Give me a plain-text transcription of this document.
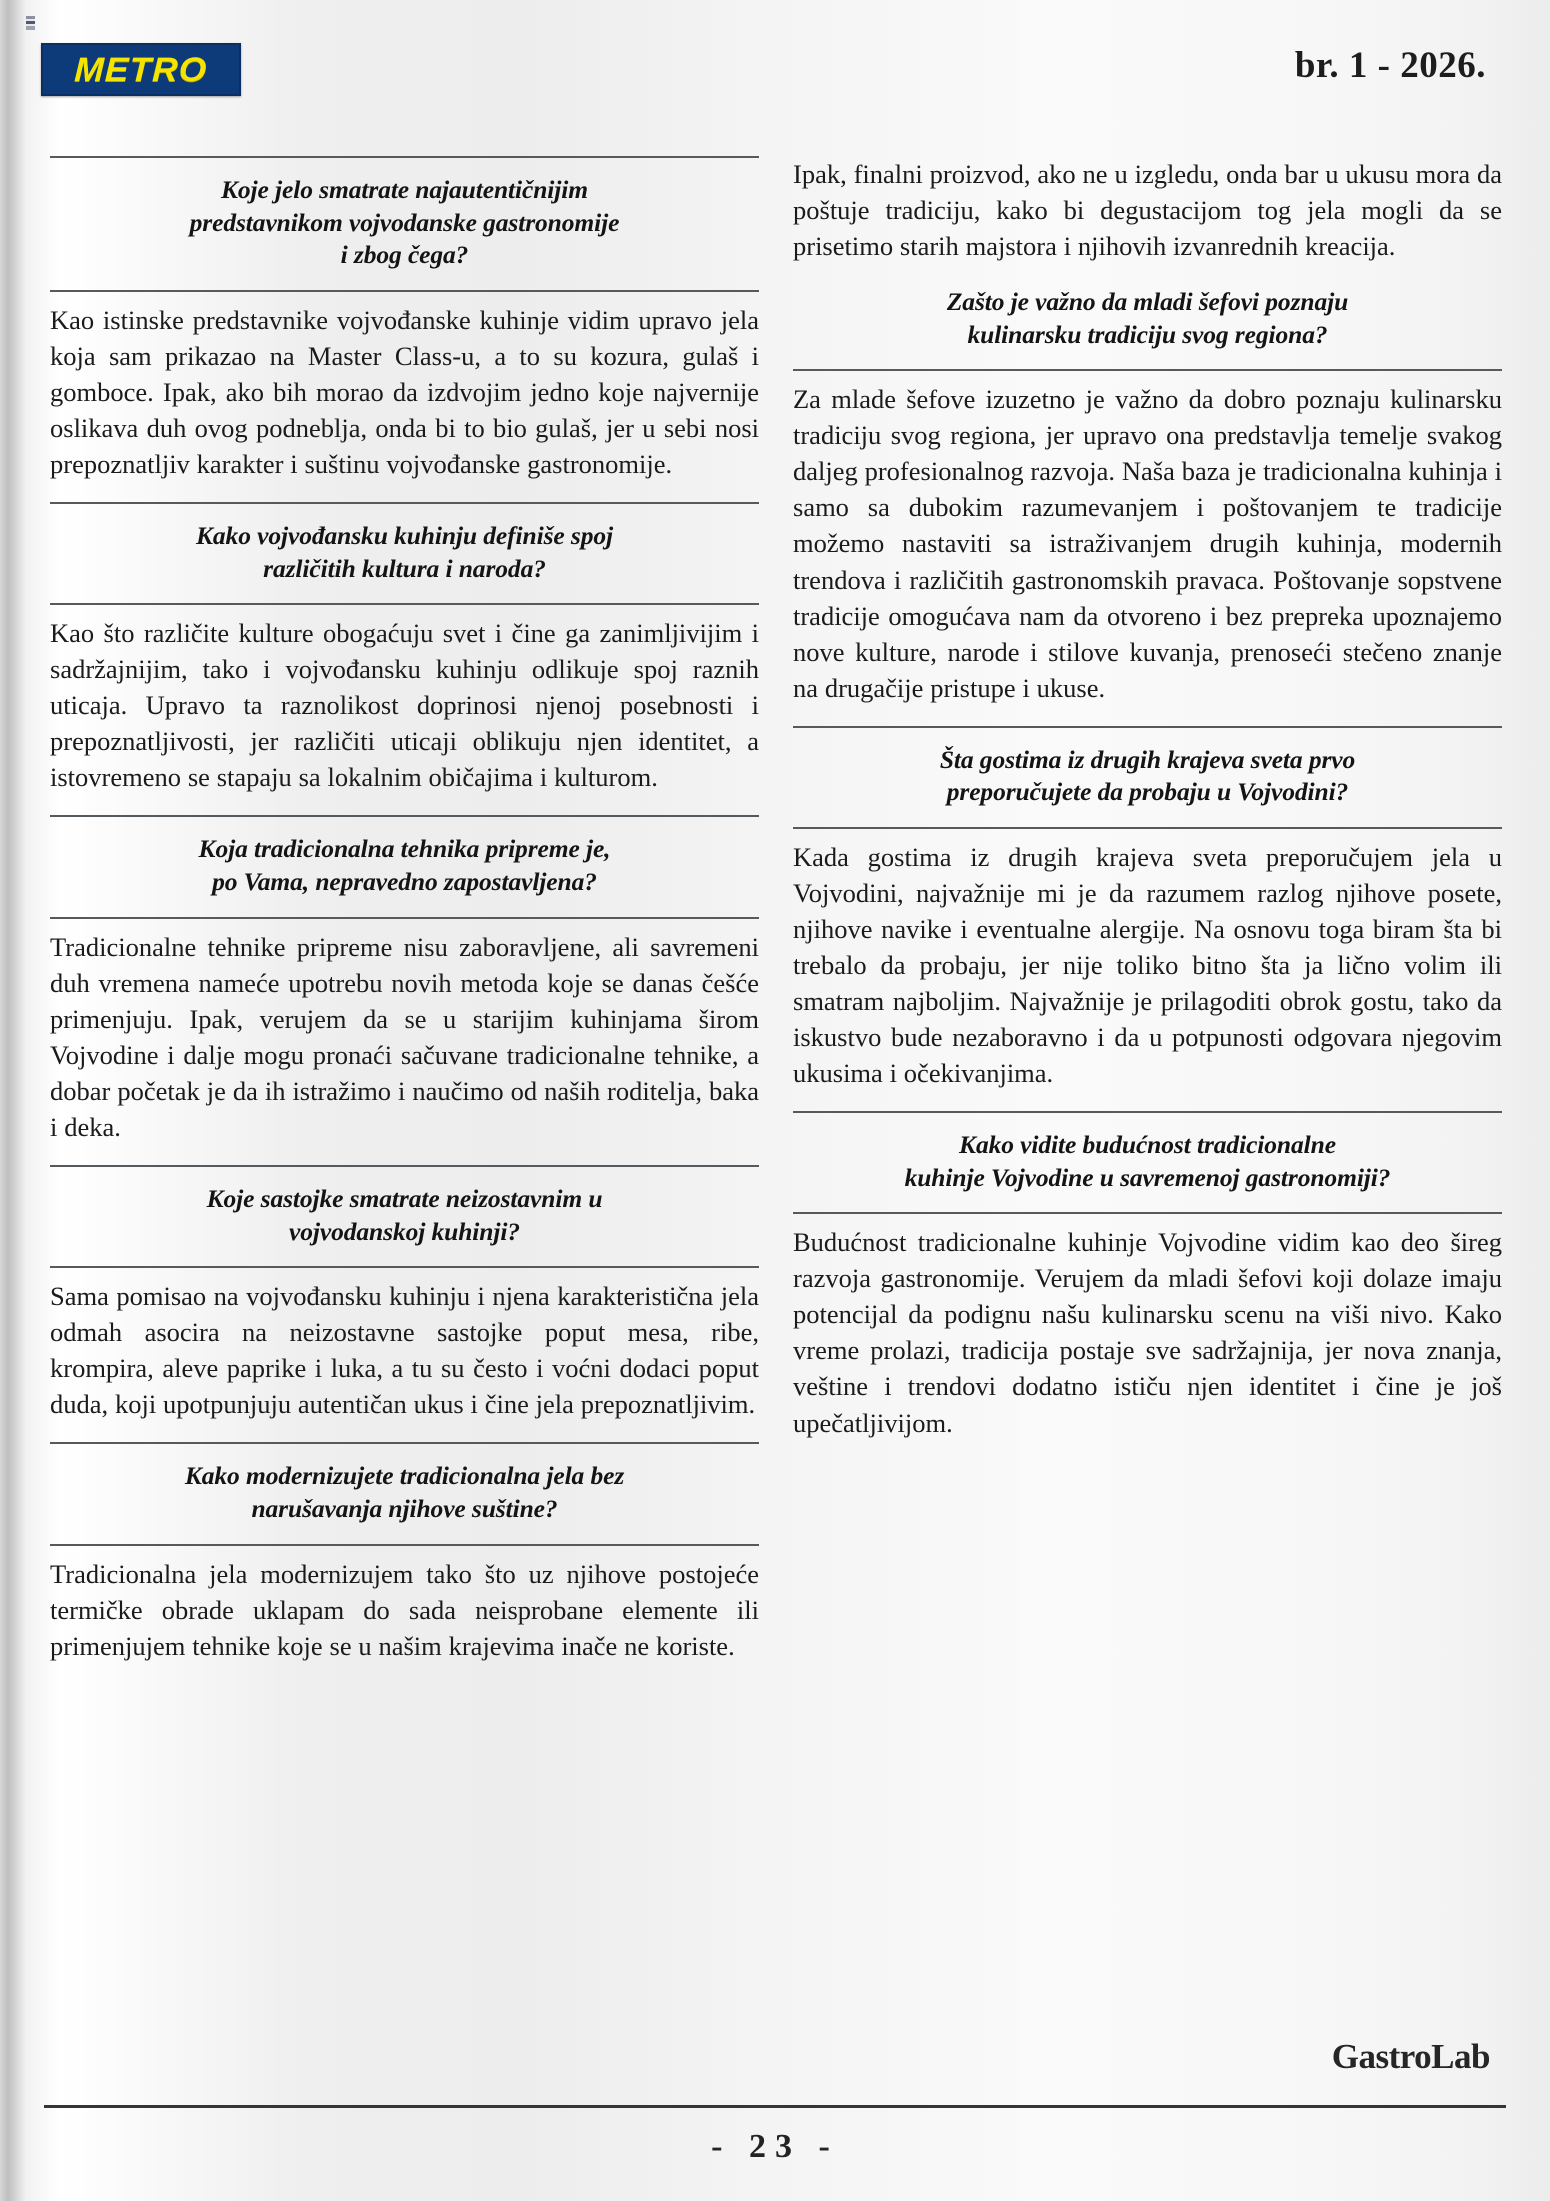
METRO	br. 1 - 2026.
Koje jelo smatrate najautentičnijim
predstavnikom vojvodanske gastronomije
i zbog čega?

Kao istinske predstavnike vojvođanske kuhinje vidim upravo jela koja sam prikazao na Master Class-u, a to su kozura, gulaš i gomboce. Ipak, ako bih morao da izdvojim jedno koje najvernije oslikava duh ovog podneblja, onda bi to bio gulaš, jer u sebi nosi prepoznatljiv karakter i suštinu vojvođanske gastronomije.

Kako vojvođansku kuhinju definiše spoj
različitih kultura i naroda?

Kao što različite kulture obogaćuju svet i čine ga zanimljivijim i sadržajnijim, tako i vojvođansku kuhinju odlikuje spoj raznih uticaja. Upravo ta raznolikost doprinosi njenoj posebnosti i prepoznatljivosti, jer različiti uticaji oblikuju njen identitet, a istovremeno se stapaju sa lokalnim običajima i kulturom.

Koja tradicionalna tehnika pripreme je,
po Vama, nepravedno zapostavljena?

Tradicionalne tehnike pripreme nisu zaboravljene, ali savremeni duh vremena nameće upotrebu novih metoda koje se danas češće primenjuju. Ipak, verujem da se u starijim kuhinjama širom Vojvodine i dalje mogu pronaći sačuvane tradicionalne tehnike, a dobar početak je da ih istražimo i naučimo od naših roditelja, baka i deka.

Koje sastojke smatrate neizostavnim u
vojvodanskoj kuhinji?

Sama pomisao na vojvođansku kuhinju i njena karakteristična jela odmah asocira na neizostavne sastojke poput mesa, ribe, krompira, aleve paprike i luka, a tu su često i voćni dodaci poput duda, koji upotpunjuju autentičan ukus i čine jela prepoznatljivim.

Kako modernizujete tradicionalna jela bez
narušavanja njihove suštine?

Tradicionalna jela modernizujem tako što uz njihove postojeće termičke obrade uklapam do sada neisprobane elemente ili primenjujem tehnike koje se u našim krajevima inače ne koriste.

Ipak, finalni proizvod, ako ne u izgledu, onda bar u ukusu mora da poštuje tradiciju, kako bi degustacijom tog jela mogli da se prisetimo starih majstora i njihovih izvanrednih kreacija.

Zašto je važno da mladi šefovi poznaju
kulinarsku tradiciju svog regiona?

Za mlade šefove izuzetno je važno da dobro poznaju kulinarsku tradiciju svog regiona, jer upravo ona predstavlja temelje svakog daljeg profesionalnog razvoja. Naša baza je tradicionalna kuhinja i samo sa dubokim razumevanjem i poštovanjem te tradicije možemo nastaviti sa istraživanjem drugih kuhinja, modernih trendova i različitih gastronomskih pravaca. Poštovanje sopstvene tradicije omogućava nam da otvoreno i bez prepreka upoznajemo nove kulture, narode i stilove kuvanja, prenoseći stečeno znanje na drugačije pristupe i ukuse.

Šta gostima iz drugih krajeva sveta prvo
preporučujete da probaju u Vojvodini?

Kada gostima iz drugih krajeva sveta preporučujem jela u Vojvodini, najvažnije mi je da razumem razlog njihove posete, njihove navike i eventualne alergije. Na osnovu toga biram šta bi trebalo da probaju, jer nije toliko bitno šta ja lično volim ili smatram najboljim. Najvažnije je prilagoditi obrok gostu, tako da iskustvo bude nezaboravno i da u potpunosti odgovara njegovim ukusima i očekivanjima.

Kako vidite budućnost tradicionalne
kuhinje Vojvodine u savremenoj gastronomiji?

Budućnost tradicionalne kuhinje Vojvodine vidim kao deo šireg razvoja gastronomije. Verujem da mladi šefovi koji dolaze imaju potencijal da podignu našu kulinarsku scenu na viši nivo. Kako vreme prolazi, tradicija postaje sve sadržajnija, jer nova znanja, veštine i trendovi dodatno ističu njen identitet i čine je još upečatljivijom.

GastroLab
- 23 -
